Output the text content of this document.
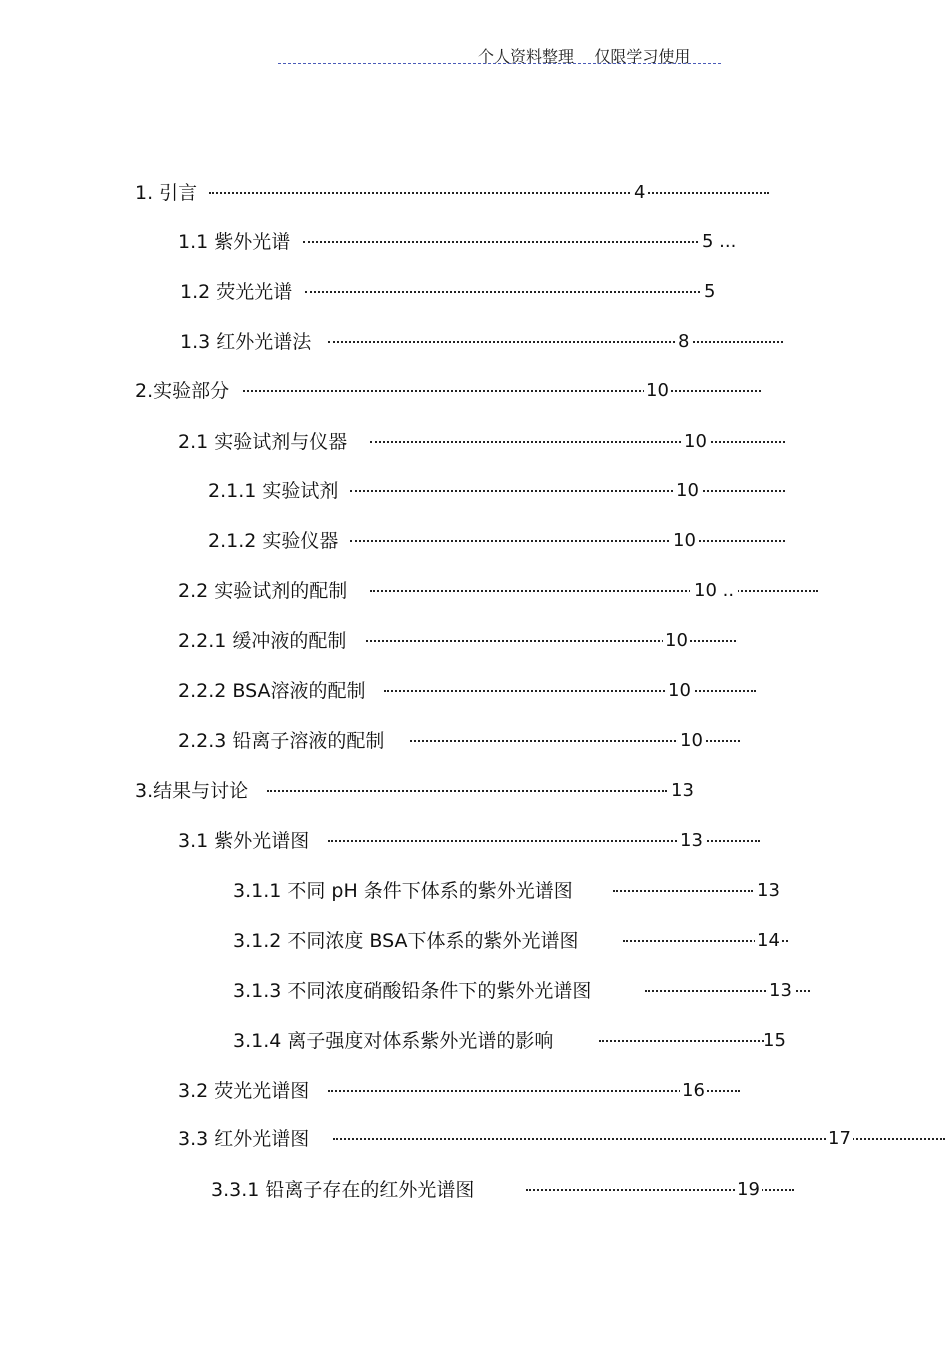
个人资料整理    仅限学习使用
1. 引言	4
1.1 紫外光谱	5 ...
1.2 荧光光谱	5
1.3 红外光谱法	8
2.实验部分	10
2.1 实验试剂与仪器	10
2.1.1 实验试剂	10
2.1.2 实验仪器	10
2.2 实验试剂的配制	10 ..
2.2.1 缓冲液的配制	10
2.2.2 BSA溶液的配制	10
2.2.3 铅离子溶液的配制	10
3.结果与讨论	13
3.1 紫外光谱图	13
3.1.1 不同 pH 条件下体系的紫外光谱图	13
3.1.2 不同浓度 BSA下体系的紫外光谱图	14
3.1.3 不同浓度硝酸铅条件下的紫外光谱图	13
3.1.4 离子强度对体系紫外光谱的影响	15
3.2 荧光光谱图	16
3.3 红外光谱图	17
3.3.1 铅离子存在的红外光谱图	19
